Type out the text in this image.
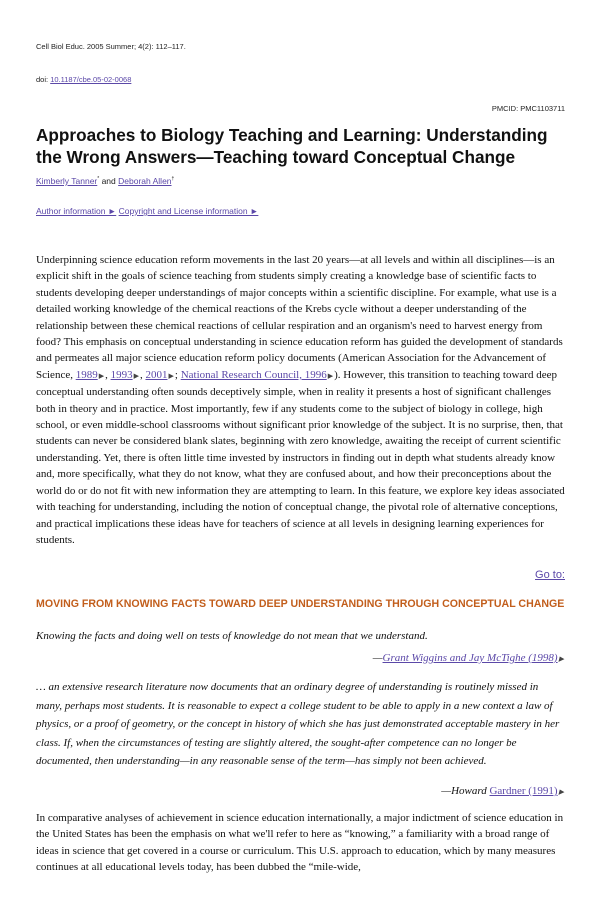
Cell Biol Educ. 2005 Summer; 4(2): 112–117.
doi: 10.1187/cbe.05-02-0068
PMCID: PMC1103711
Approaches to Biology Teaching and Learning: Understanding the Wrong Answers—Teaching toward Conceptual Change
Kimberly Tanner* and Deborah Allen†
Author information ► Copyright and License information ►

Underpinning science education reform movements in the last 20 years—at all levels and within all disciplines—is an explicit shift in the goals of science teaching from students simply creating a knowledge base of scientific facts to students developing deeper understandings of major concepts within a scientific discipline. For example, what use is a detailed working knowledge of the chemical reactions of the Krebs cycle without a deeper understanding of the relationship between these chemical reactions of cellular respiration and an organism's need to harvest energy from food? This emphasis on conceptual understanding in science education reform has guided the development of standards and permeates all major science education reform policy documents (American Association for the Advancement of Science, 1989▶, 1993▶, 2001▶; National Research Council, 1996▶). However, this transition to teaching toward deep conceptual understanding often sounds deceptively simple, when in reality it presents a host of significant challenges both in theory and in practice. Most importantly, few if any students come to the subject of biology in college, high school, or even middle-school classrooms without significant prior knowledge of the subject. It is no surprise, then, that students can never be considered blank slates, beginning with zero knowledge, awaiting the receipt of current scientific understanding. Yet, there is often little time invested by instructors in finding out in depth what students already know and, more specifically, what they do not know, what they are confused about, and how their preconceptions about the world do or do not fit with new information they are attempting to learn. In this feature, we explore key ideas associated with teaching for understanding, including the notion of conceptual change, the pivotal role of alternative conceptions, and practical implications these ideas have for teachers of science at all levels in designing learning experiences for students.

Go to:
MOVING FROM KNOWING FACTS TOWARD DEEP UNDERSTANDING THROUGH CONCEPTUAL CHANGE

Knowing the facts and doing well on tests of knowledge do not mean that we understand.

—Grant Wiggins and Jay McTighe (1998)▶

… an extensive research literature now documents that an ordinary degree of understanding is routinely missed in many, perhaps most students. It is reasonable to expect a college student to be able to apply in a new context a law of physics, or a proof of geometry, or the concept in history of which she has just demonstrated acceptable mastery in her class. If, when the circumstances of testing are slightly altered, the sought-after competence can no longer be documented, then understanding—in any reasonable sense of the term—has simply not been achieved.

—Howard Gardner (1991)▶

In comparative analyses of achievement in science education internationally, a major indictment of science education in the United States has been the emphasis on what we'll refer to here as “knowing,” a familiarity with a broad range of ideas in science that get covered in a course or curriculum. This U.S. approach to education, which by many measures continues at all educational levels today, has been dubbed the “mile-wide,
